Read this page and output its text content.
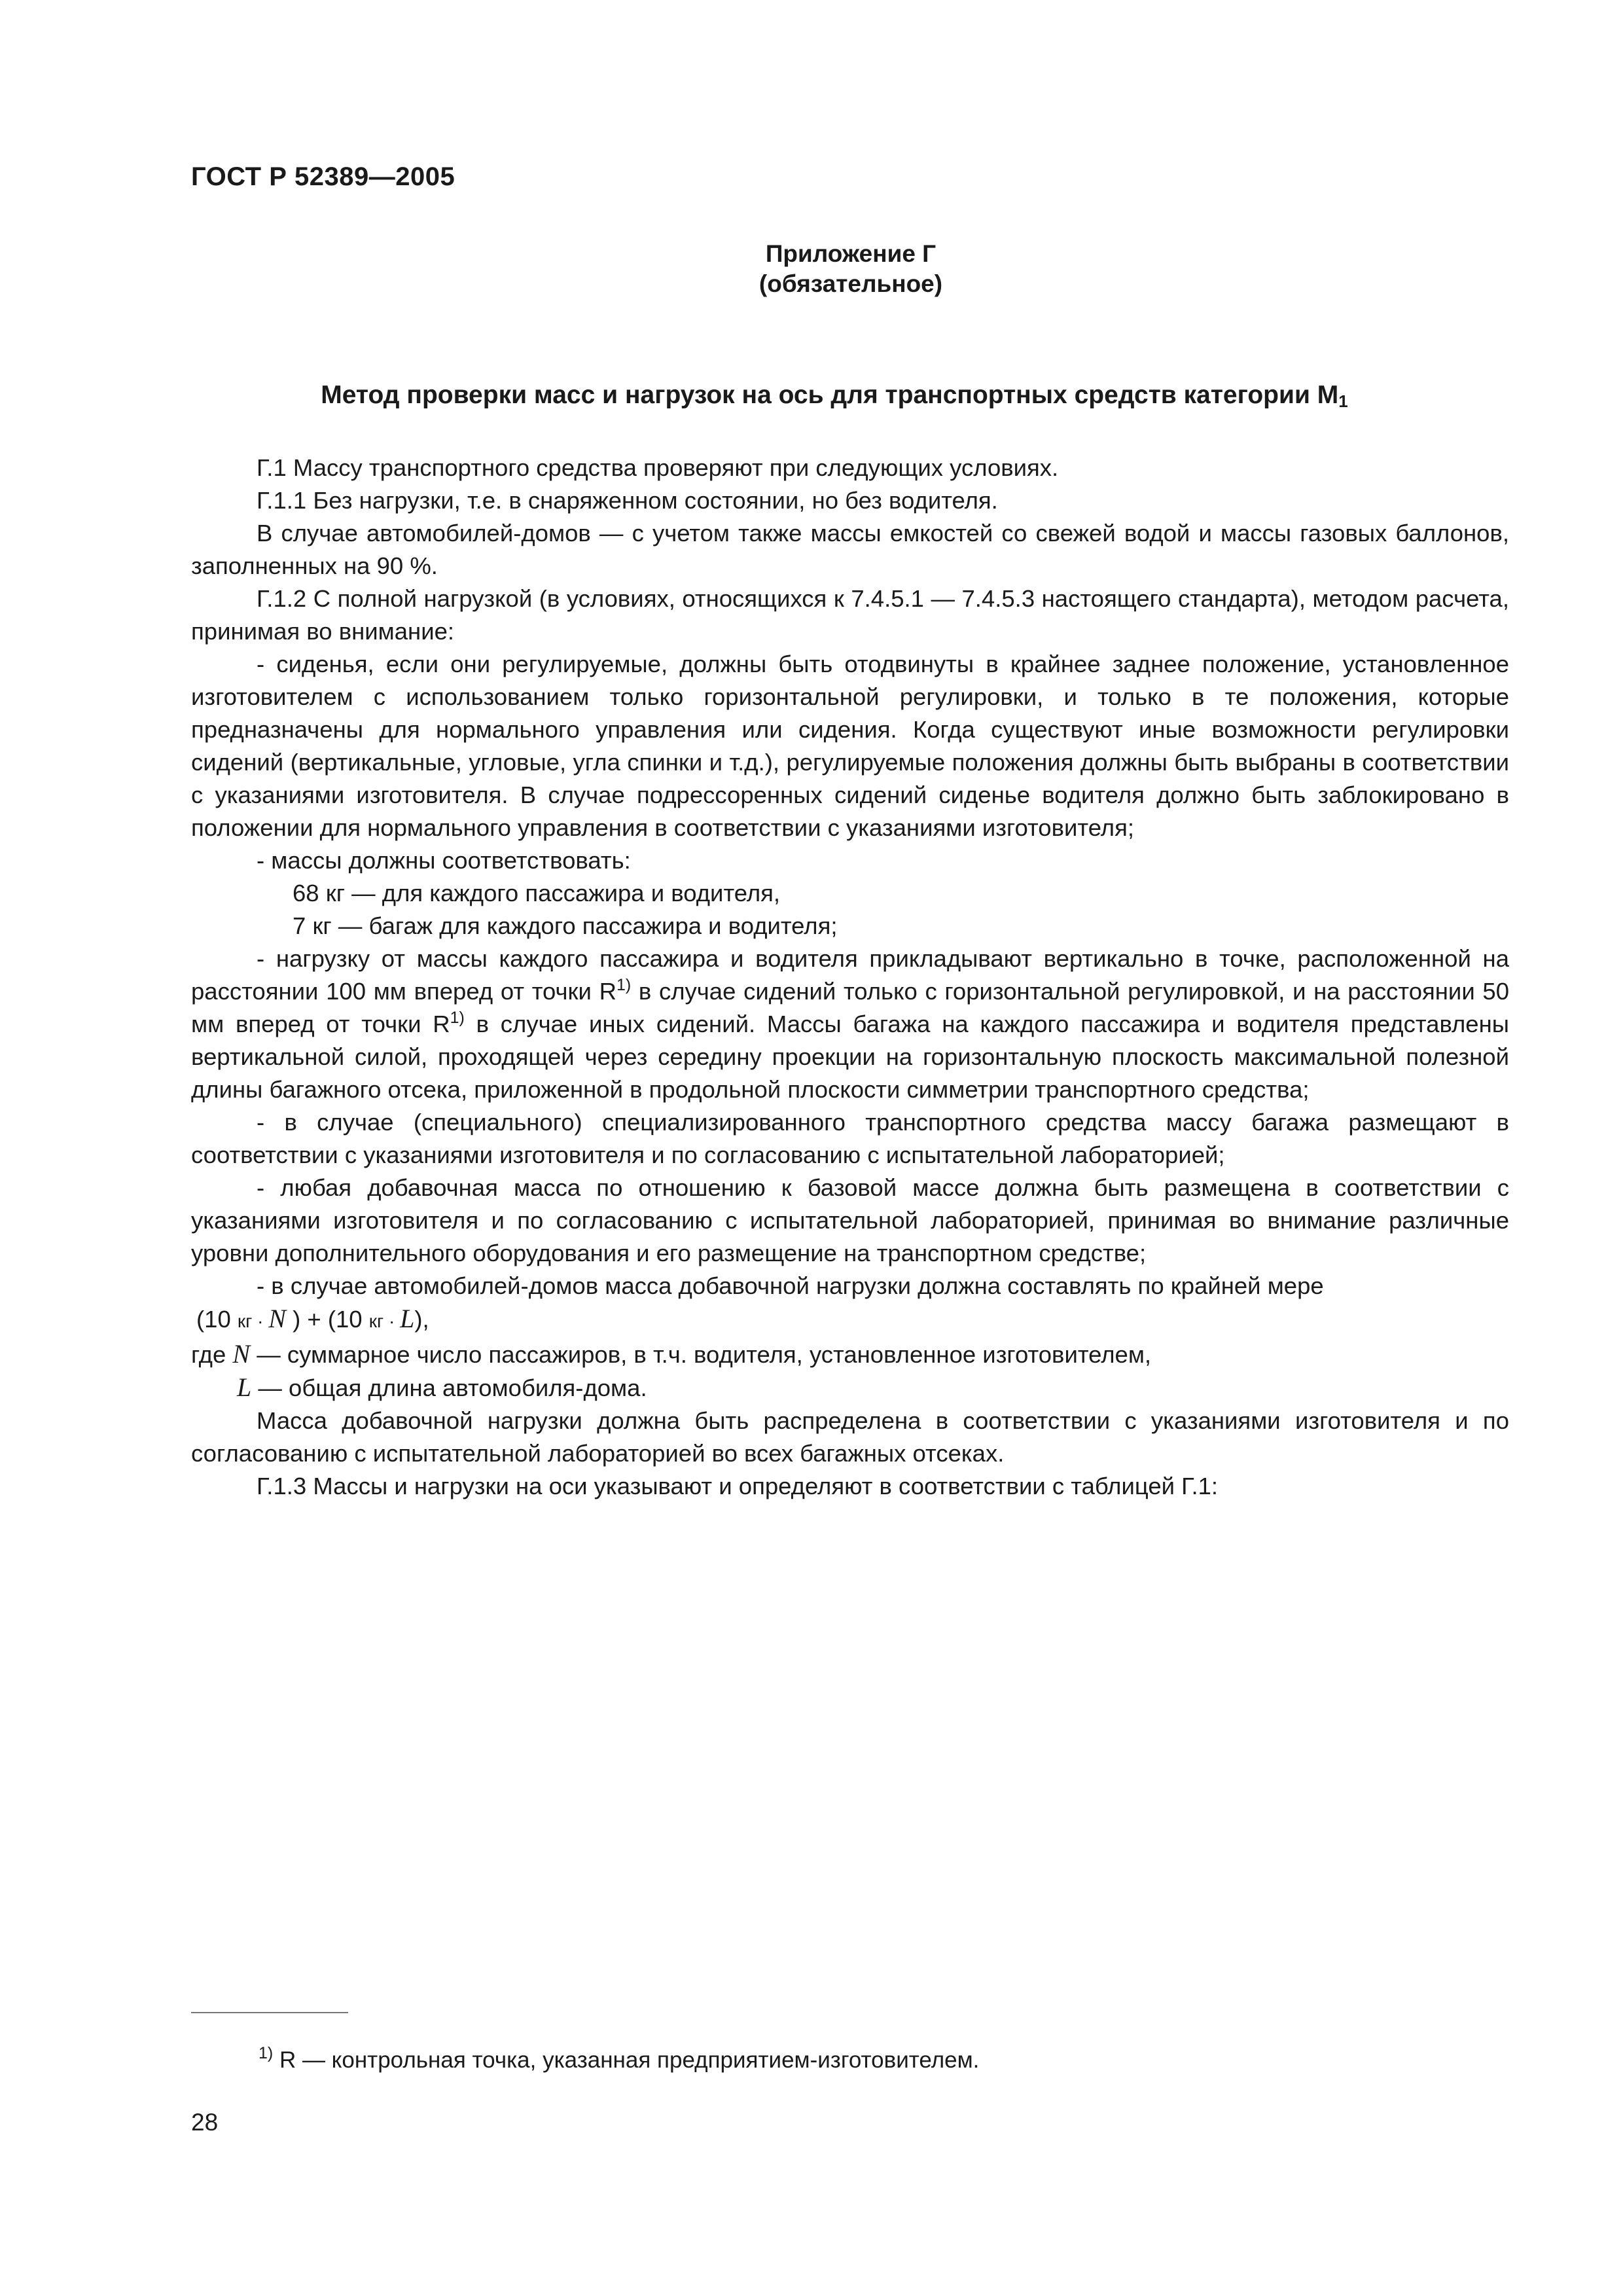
ГОСТ Р 52389—2005
Приложение Г
(обязательное)
Метод проверки масс и нагрузок на ось для транспортных средств категории $М_1$

Г.1 Массу транспортного средства проверяют при следующих условиях.

Г.1.1 Без нагрузки, т.е. в снаряженном состоянии, но без водителя.

В случае автомобилей-домов — с учетом также массы емкостей со свежей водой и массы газовых баллонов, заполненных на 90 %.

Г.1.2 С полной нагрузкой (в условиях, относящихся к 7.4.5.1 — 7.4.5.3 настоящего стандарта), методом расчета, принимая во внимание:

- сиденья, если они регулируемые, должны быть отодвинуты в крайнее заднее положение, установленное изготовителем с использованием только горизонтальной регулировки, и только в те положения, которые предназначены для нормального управления или сидения. Когда существуют иные возможности регулировки сидений (вертикальные, угловые, угла спинки и т.д.), регулируемые положения должны быть выбраны в соответствии с указаниями изготовителя. В случае подрессоренных сидений сиденье водителя должно быть заблокировано в положении для нормального управления в соответствии с указаниями изготовителя;

- массы должны соответствовать:

68 кг — для каждого пассажира и водителя,

7 кг — багаж для каждого пассажира и водителя;

- нагрузку от массы каждого пассажира и водителя прикладывают вертикально в точке, расположенной на расстоянии 100 мм вперед от точки $R^{1)}$ в случае сидений только с горизонтальной регулировкой, и на расстоянии 50 мм вперед от точки $R^{1)}$ в случае иных сидений. Массы багажа на каждого пассажира и водителя представлены вертикальной силой, проходящей через середину проекции на горизонтальную плоскость максимальной полезной длины багажного отсека, приложенной в продольной плоскости симметрии транспортного средства;

- в случае (специального) специализированного транспортного средства массу багажа размещают в соответствии с указаниями изготовителя и по согласованию с испытательной лабораторией;

- любая добавочная масса по отношению к базовой массе должна быть размещена в соответствии с указаниями изготовителя и по согласованию с испытательной лабораторией, принимая во внимание различные уровни дополнительного оборудования и его размещение на транспортном средстве;

- в случае автомобилей-домов масса добавочной нагрузки должна составлять по крайней мере

(10 кг · N ) + (10 кг · L),

где N — суммарное число пассажиров, в т.ч. водителя, установленное изготовителем,

L — общая длина автомобиля-дома.

Масса добавочной нагрузки должна быть распределена в соответствии с указаниями изготовителя и по согласованию с испытательной лабораторией во всех багажных отсеках.

Г.1.3 Массы и нагрузки на оси указывают и определяют в соответствии с таблицей Г.1:

$^{1)}$ R — контрольная точка, указанная предприятием-изготовителем.
28
